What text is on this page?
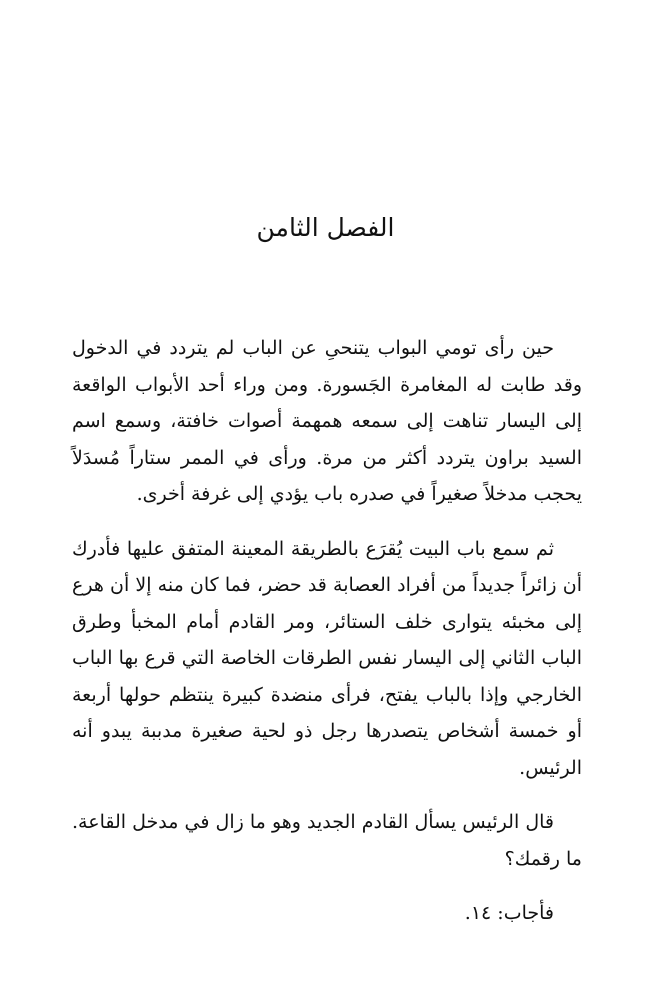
الفصل الثامن

حين رأى تومي البواب يتنحىِ عن الباب لم يتردد في الدخول وقد طابت له المغامرة الجَسورة. ومن وراء أحد الأبواب الواقعة إلى اليسار تناهت إلى سمعه همهمة أصوات خافتة، وسمع اسم السيد براون يتردد أكثر من مرة. ورأى في الممر ستاراً مُسدَلاً يحجب مدخلاً صغيراً في صدره باب يؤدي إلى غرفة أخرى.

ثم سمع باب البيت يُقرَع بالطريقة المعينة المتفق عليها فأدرك أن زائراً جديداً من أفراد العصابة قد حضر، فما كان منه إلا أن هرع إلى مخبئه يتوارى خلف الستائر، ومر القادم أمام المخبأ وطرق الباب الثاني إلى اليسار نفس الطرقات الخاصة التي قرع بها الباب الخارجي وإذا بالباب يفتح، فرأى منضدة كبيرة ينتظم حولها أربعة أو خمسة أشخاص يتصدرها رجل ذو لحية صغيرة مدببة يبدو أنه الرئيس.

قال الرئيس يسأل القادم الجديد وهو ما زال في مدخل القاعة. ما رقمك؟

فأجاب: ١٤.
